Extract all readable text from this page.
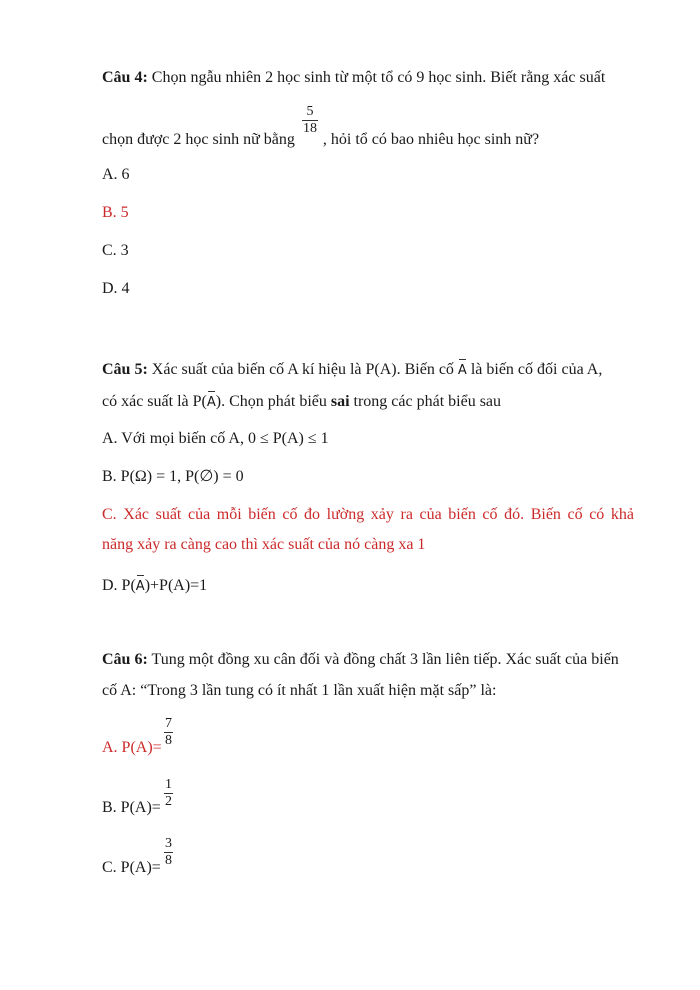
Câu 4: Chọn ngẫu nhiên 2 học sinh từ một tổ có 9 học sinh. Biết rằng xác suất
$\frac{5}{18}$
chọn được 2 học sinh nữ bằng , hỏi tổ có bao nhiêu học sinh nữ?
A. 6
B. 5
C. 3
D. 4
Câu 5: Xác suất của biến cố A kí hiệu là P(A). Biến cố A là biến cố đối của A,
có xác suất là P(A). Chọn phát biểu sai trong các phát biểu sau
A. Với mọi biến cố A, 0 ≤ P(A) ≤ 1
B. P(Ω) = 1, P(∅) = 0
C. Xác suất của mỗi biến cố đo lường xảy ra của biến cố đó. Biến cố có khả
năng xảy ra càng cao thì xác suất của nó càng xa 1
D. P(A)+P(A)=1
Câu 6: Tung một đồng xu cân đối và đồng chất 3 lần liên tiếp. Xác suất của biến
cố A: “Trong 3 lần tung có ít nhất 1 lần xuất hiện mặt sấp” là:
$\frac{7}{8}$
A. P(A)=
$\frac{1}{2}$
B. P(A)=
$\frac{3}{8}$
C. P(A)=
